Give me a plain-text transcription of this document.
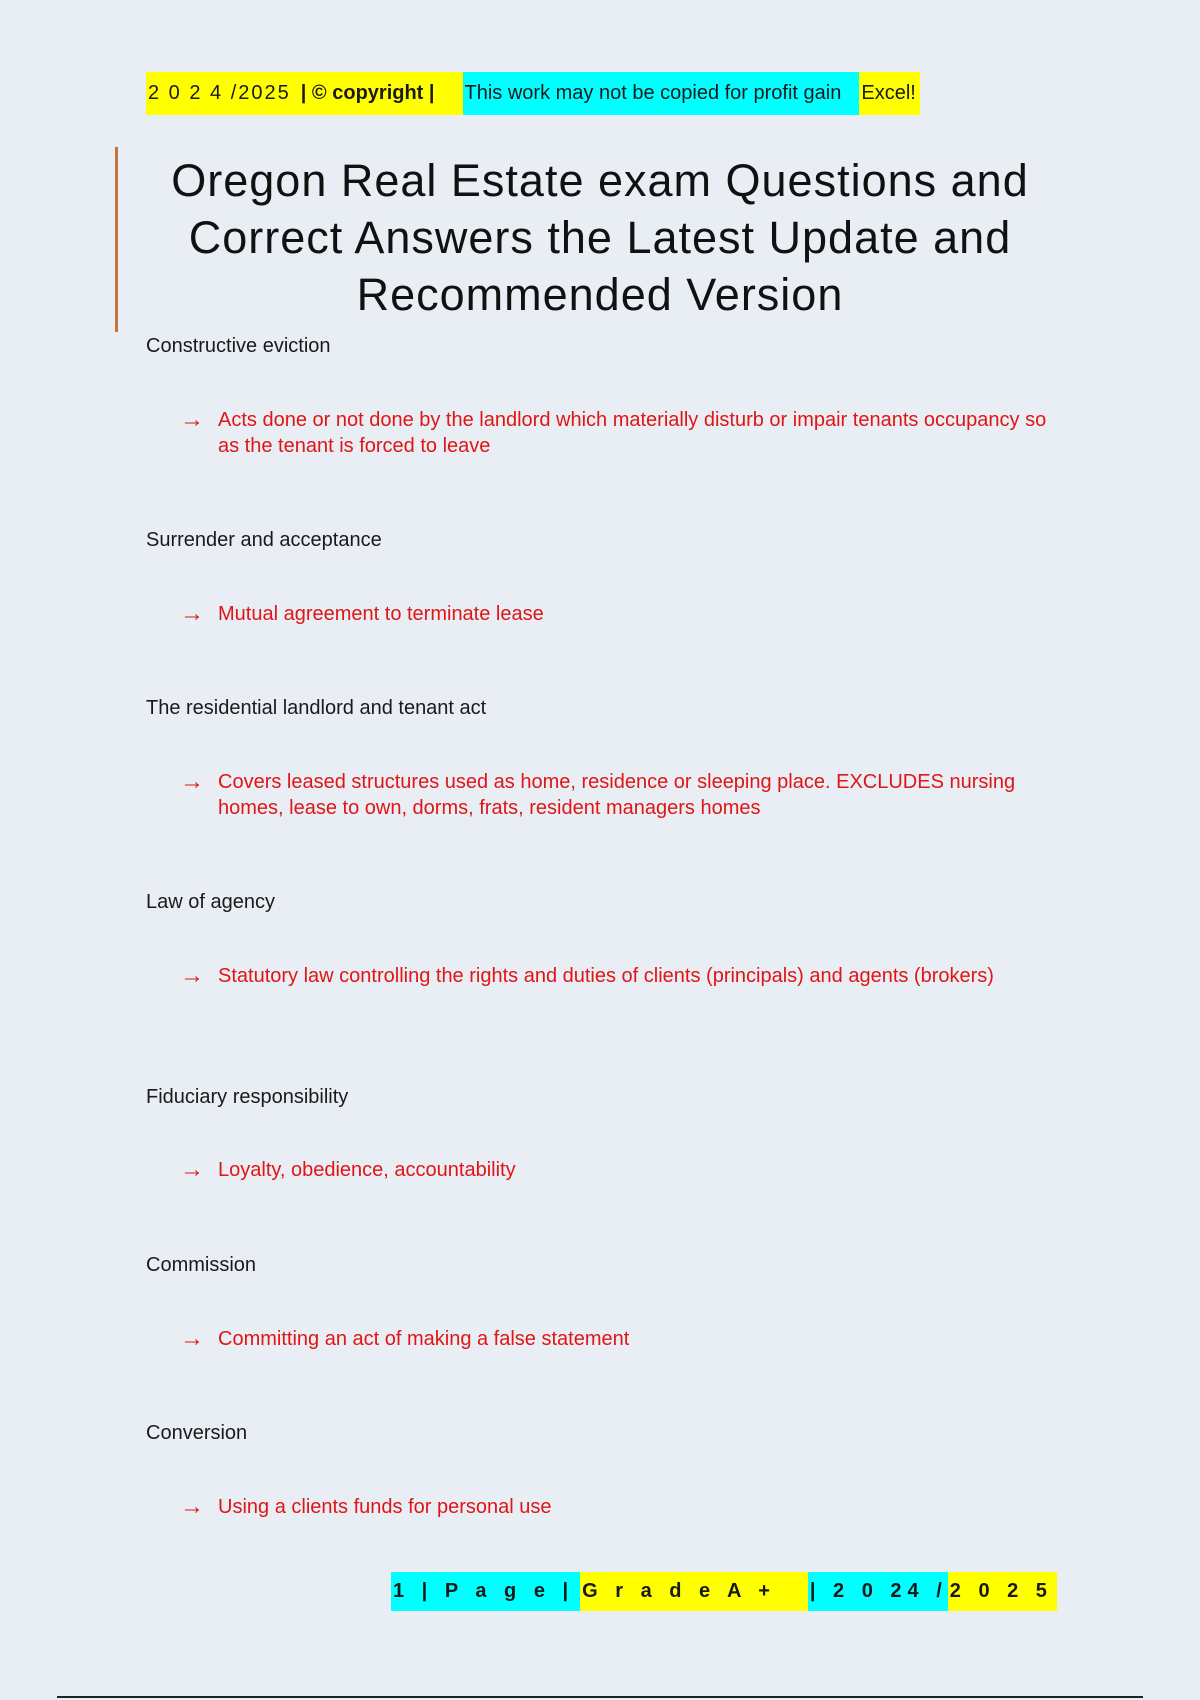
2 0 2 4 /2025 | © copyright |	This work may not be copied for profit gain	Excel!
Oregon Real Estate exam Questions and Correct Answers the Latest Update and Recommended Version
Constructive eviction
→ Acts done or not done by the landlord which materially disturb or impair tenants occupancy so as the tenant is forced to leave
Surrender and acceptance
→ Mutual agreement to terminate lease
The residential landlord and tenant act
→ Covers leased structures used as home, residence or sleeping place. EXCLUDES nursing homes, lease to own, dorms, frats, resident managers homes
Law of agency
→ Statutory law controlling the rights and duties of clients (principals) and agents (brokers)
Fiduciary responsibility
→ Loyalty, obedience, accountability
Commission
→ Committing an act of making a false statement
Conversion
→ Using a clients funds for personal use
1 | P a g e | G r a d e A +	| 2 0 24 / 2 0 2 5
